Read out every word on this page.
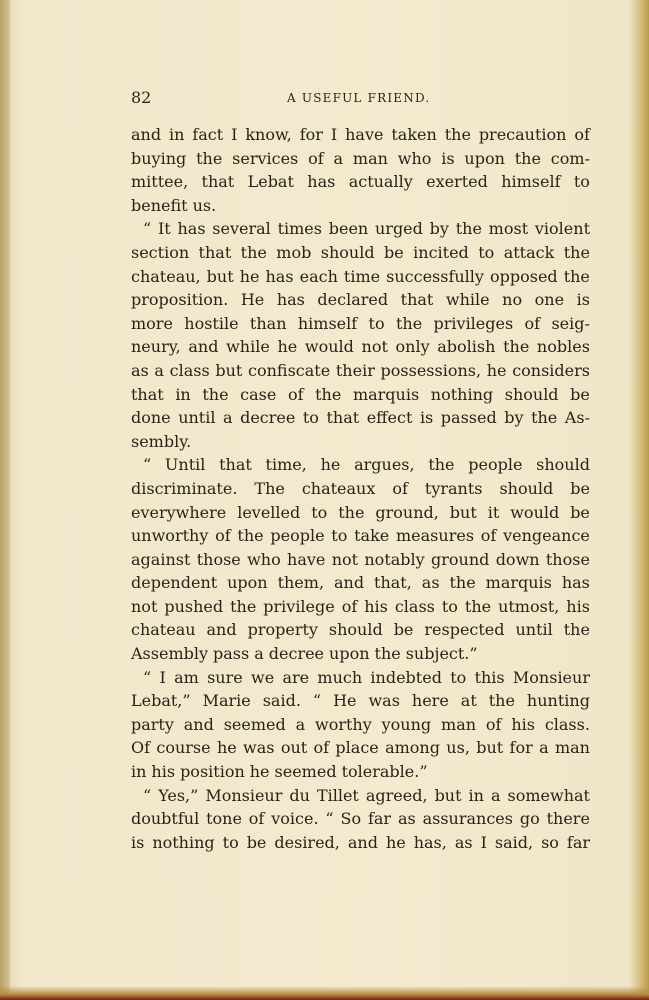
82	A USEFUL FRIEND.
and in fact I know, for I have taken the precaution of
buying the services of a man who is upon the com-
mittee, that Lebat has actually exerted himself to
benefit us.
“ It has several times been urged by the most violent
section that the mob should be incited to attack the
chateau, but he has each time successfully opposed the
proposition. He has declared that while no one is
more hostile than himself to the privileges of seig-
neury, and while he would not only abolish the nobles
as a class but confiscate their possessions, he considers
that in the case of the marquis nothing should be
done until a decree to that effect is passed by the As-
sembly.
“ Until that time, he argues, the people should
discriminate. The chateaux of tyrants should be
everywhere levelled to the ground, but it would be
unworthy of the people to take measures of vengeance
against those who have not notably ground down those
dependent upon them, and that, as the marquis has
not pushed the privilege of his class to the utmost, his
chateau and property should be respected until the
Assembly pass a decree upon the subject.”
“ I am sure we are much indebted to this Monsieur
Lebat,” Marie said. “ He was here at the hunting
party and seemed a worthy young man of his class.
Of course he was out of place among us, but for a man
in his position he seemed tolerable.”
“ Yes,” Monsieur du Tillet agreed, but in a somewhat
doubtful tone of voice. “ So far as assurances go there
is nothing to be desired, and he has, as I said, so far
